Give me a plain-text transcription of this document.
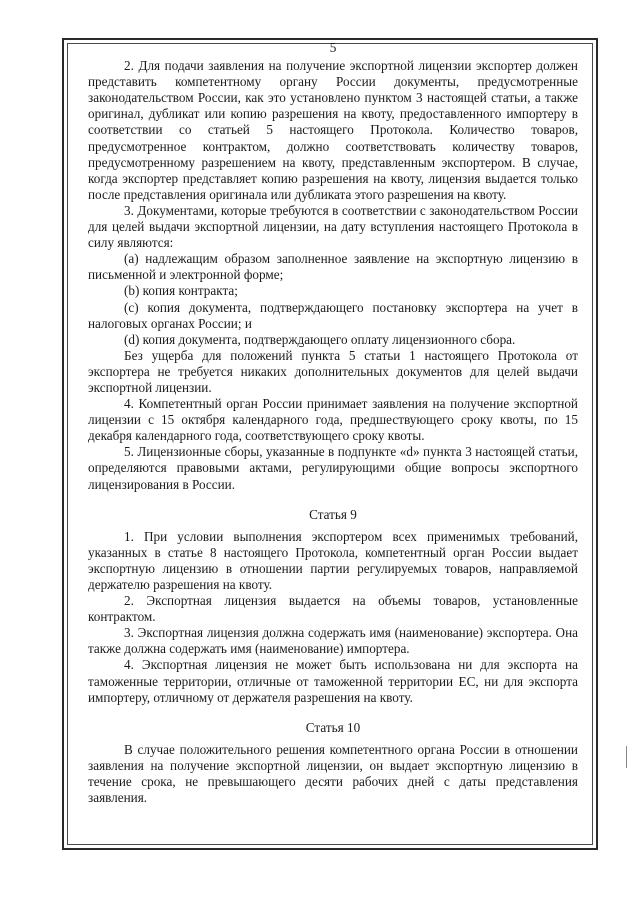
5

2. Для подачи заявления на получение экспортной лицензии экспортер должен представить компетентному органу России документы, предусмотренные законодательством России, как это установлено пунктом 3 настоящей статьи, а также оригинал, дубликат или копию разрешения на квоту, предоставленного импортеру в соответствии со статьей 5 настоящего Протокола. Количество товаров, предусмотренное контрактом, должно соответствовать количеству товаров, предусмотренному разрешением на квоту, представленным экспортером. В случае, когда экспортер представляет копию разрешения на квоту, лицензия выдается только после представления оригинала или дубликата этого разрешения на квоту.

3. Документами, которые требуются в соответствии с законодательством России для целей выдачи экспортной лицензии, на дату вступления настоящего Протокола в силу являются:

(a) надлежащим образом заполненное заявление на экспортную лицензию в письменной и электронной форме;

(b) копия контракта;

(c) копия документа, подтверждающего постановку экспортера на учет в налоговых органах России; и

(d) копия документа, подтверждающего оплату лицензионного сбора.

Без ущерба для положений пункта 5 статьи 1 настоящего Протокола от экспортера не требуется никаких дополнительных документов для целей выдачи экспортной лицензии.

4. Компетентный орган России принимает заявления на получение экспортной лицензии с 15 октября календарного года, предшествующего сроку квоты, по 15 декабря календарного года, соответствующего сроку квоты.

5. Лицензионные сборы, указанные в подпункте «d» пункта 3 настоящей статьи, определяются правовыми актами, регулирующими общие вопросы экспортного лицензирования в России.

Статья 9

1. При условии выполнения экспортером всех применимых требований, указанных в статье 8 настоящего Протокола, компетентный орган России выдает экспортную лицензию в отношении партии регулируемых товаров, направляемой держателю разрешения на квоту.

2. Экспортная лицензия выдается на объемы товаров, установленные контрактом.

3. Экспортная лицензия должна содержать имя (наименование) экспортера. Она также должна содержать имя (наименование) импортера.

4. Экспортная лицензия не может быть использована ни для экспорта на таможенные территории, отличные от таможенной территории ЕС, ни для экспорта импортеру, отличному от держателя разрешения на квоту.

Статья 10

В случае положительного решения компетентного органа России в отношении заявления на получение экспортной лицензии, он выдает экспортную лицензию в течение срока, не превышающего десяти рабочих дней с даты представления заявления.
